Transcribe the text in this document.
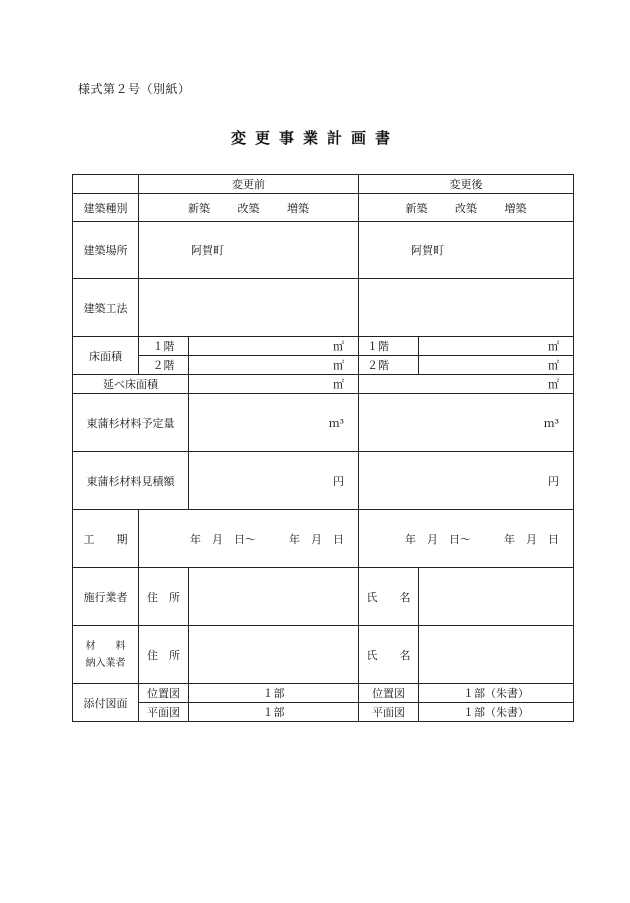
様式第２号（別紙）
変更事業計画書
	変更前		変更後	
建築種別	新築 改築 増築		新築 改築 増築	
建築場所	阿賀町		阿賀町	
建築工法				
床面積	１階	㎡	１階	㎡
	２階	㎡	２階	㎡
延べ床面積		㎡	㎡	
東蒲杉材料予定量		ｍ³	ｍ³	
東蒲杉材料見積額		円	円	
工　　期	年　月　日～　　　年　月　日		年　月　日～　　　年　月　日	
施行業者	住　所		氏　　名	

材　　料
納入業者	住　所		氏　　名	
添付図面	位置図	１部	位置図	１部（朱書）
	平面図	１部	平面図	１部（朱書）
